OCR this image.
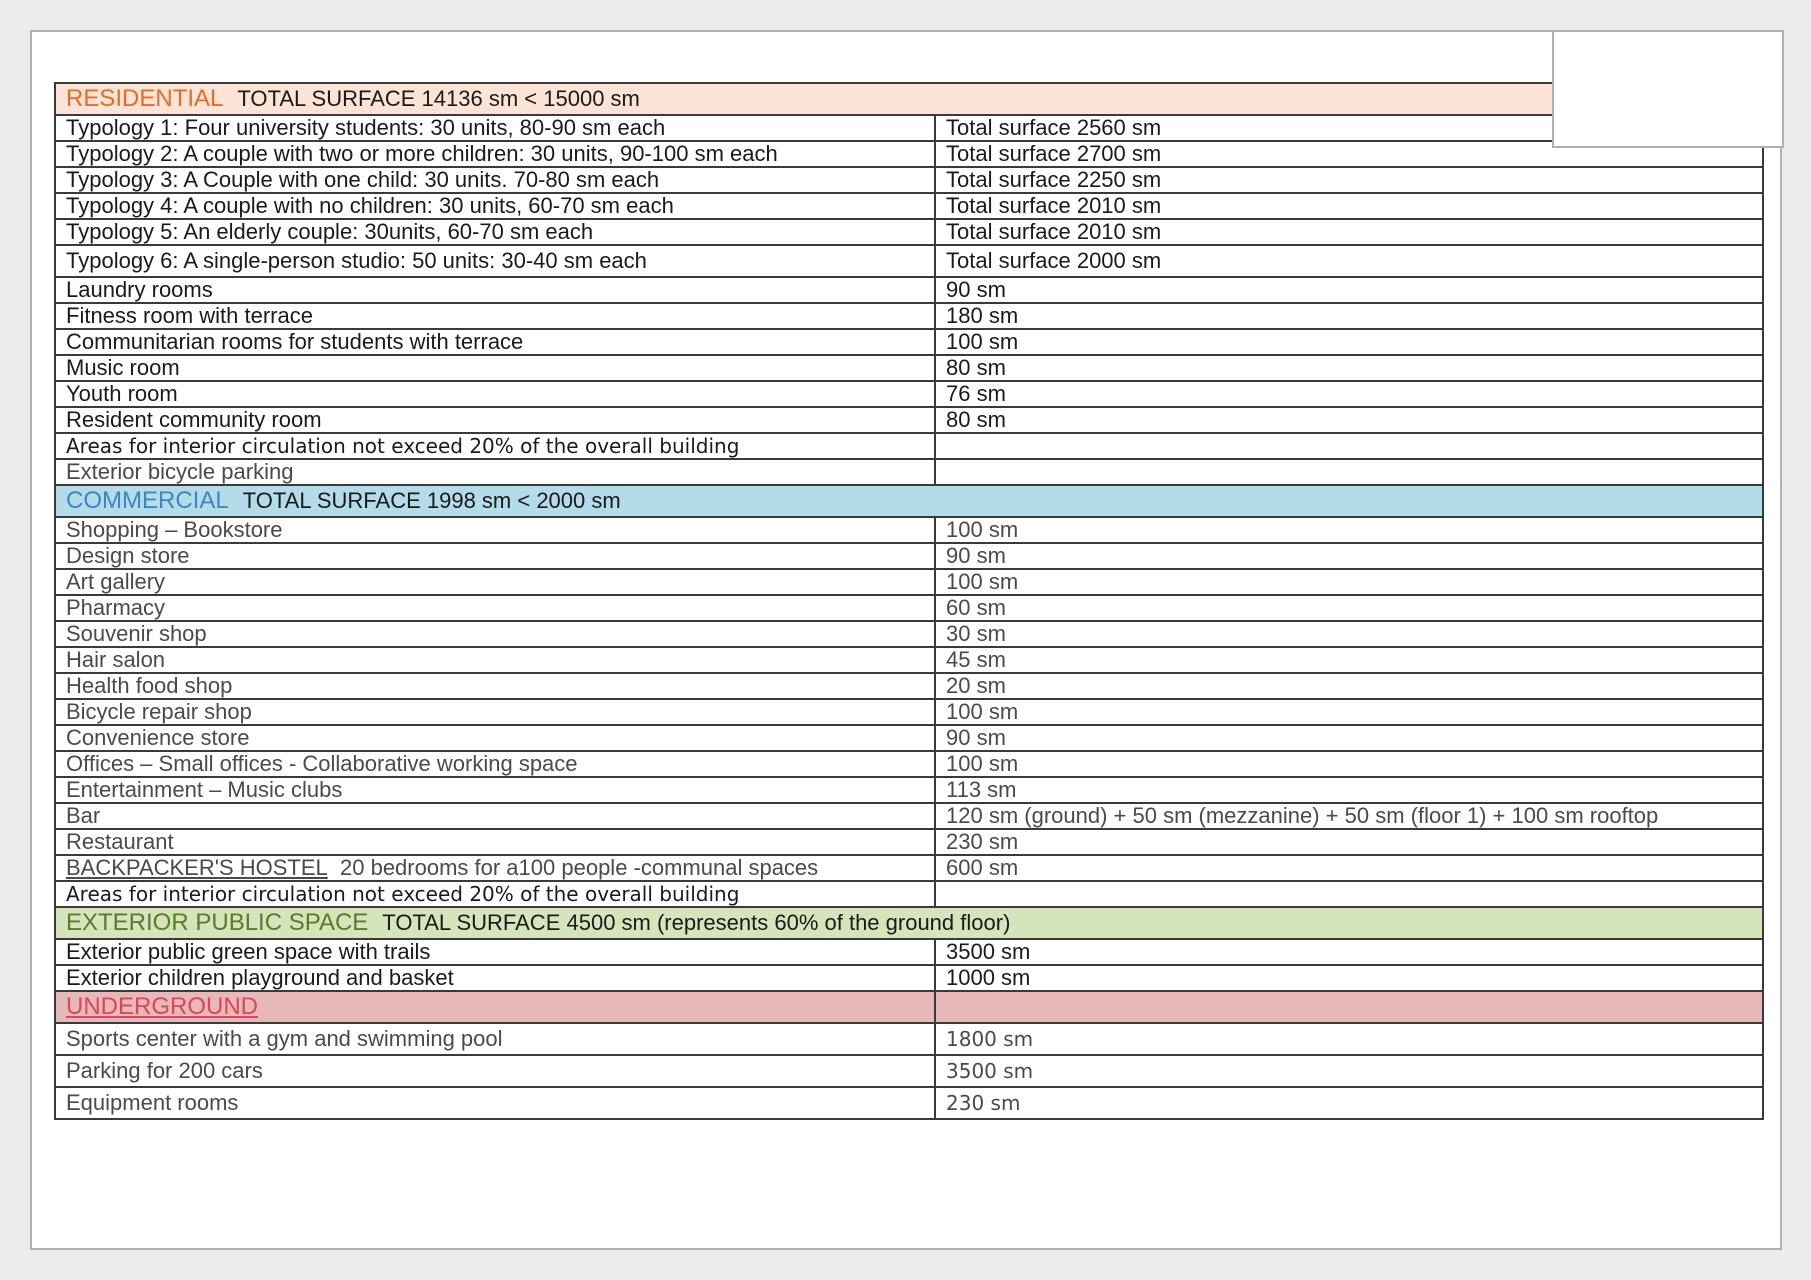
RESIDENTIAL TOTAL SURFACE 14136 sm < 15000 sm	
Typology 1: Four university students: 30 units, 80-90 sm each	Total surface 2560 sm
Typology 2: A couple with two or more children: 30 units, 90-100 sm each	Total surface 2700 sm
Typology 3: A Couple with one child: 30 units. 70-80 sm each	Total surface 2250 sm
Typology 4: A couple with no children: 30 units, 60-70 sm each	Total surface 2010 sm
Typology 5: An elderly couple: 30units, 60-70 sm each	Total surface 2010 sm
Typology 6: A single-person studio: 50 units: 30-40 sm each	Total surface 2000 sm
Laundry rooms	90 sm
Fitness room with terrace	180 sm
Communitarian rooms for students with terrace	100 sm
Music room	80 sm
Youth room	76 sm
Resident community room	80 sm
Areas for interior circulation not exceed 20% of the overall building	
Exterior bicycle parking	
COMMERCIAL TOTAL SURFACE 1998 sm < 2000 sm	
Shopping – Bookstore	100 sm
Design store	90 sm
Art gallery	100 sm
Pharmacy	60 sm
Souvenir shop	30 sm
Hair salon	45 sm
Health food shop	20 sm
Bicycle repair shop	100 sm
Convenience store	90 sm
Offices – Small offices - Collaborative working space	100 sm
Entertainment – Music clubs	113 sm
Bar	120 sm (ground) + 50 sm (mezzanine) + 50 sm (floor 1) + 100 sm rooftop
Restaurant	230 sm
BACKPACKER'S HOSTEL 20 bedrooms for a100 people -communal spaces	600 sm
Areas for interior circulation not exceed 20% of the overall building	
EXTERIOR PUBLIC SPACE TOTAL SURFACE 4500 sm (represents 60% of the ground floor)	
Exterior public green space with trails	3500 sm
Exterior children playground and basket	1000 sm
UNDERGROUND	
Sports center with a gym and swimming pool	1800 sm
Parking for 200 cars	3500 sm
Equipment rooms	230 sm
